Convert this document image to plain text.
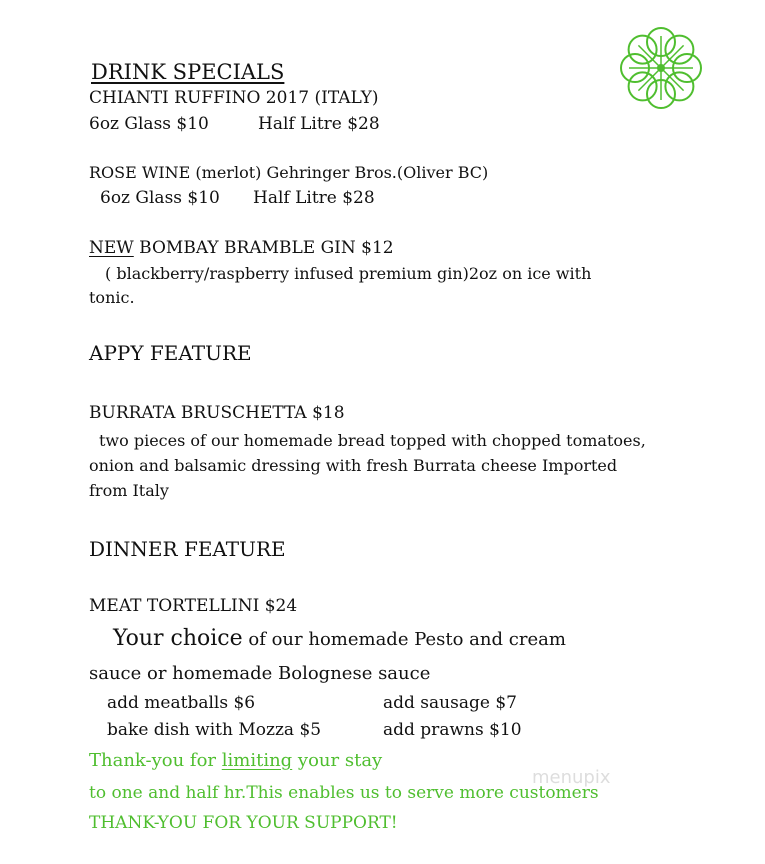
DRINK SPECIALS
CHIANTI RUFFINO 2017 (ITALY)
6oz Glass $10	Half Litre $28
ROSE WINE (merlot) Gehringer Bros.(Oliver BC)
6oz Glass $10 Half Litre $28
NEW BOMBAY BRAMBLE GIN $12
( blackberry/raspberry infused premium gin)2oz on ice with
tonic.
APPY FEATURE
BURRATA BRUSCHETTA $18
two pieces of our homemade bread topped with chopped tomatoes,
onion and balsamic dressing with fresh Burrata cheese Imported
from Italy
DINNER FEATURE
MEAT TORTELLINI $24
Your choice of our homemade Pesto and cream
sauce or homemade Bolognese sauce
add meatballs $6	add sausage $7
bake dish with Mozza $5	add prawns $10
Thank-you for limiting your stay
to one and half hr.This enables us to serve more customers
THANK-YOU FOR YOUR SUPPORT!
menupix
